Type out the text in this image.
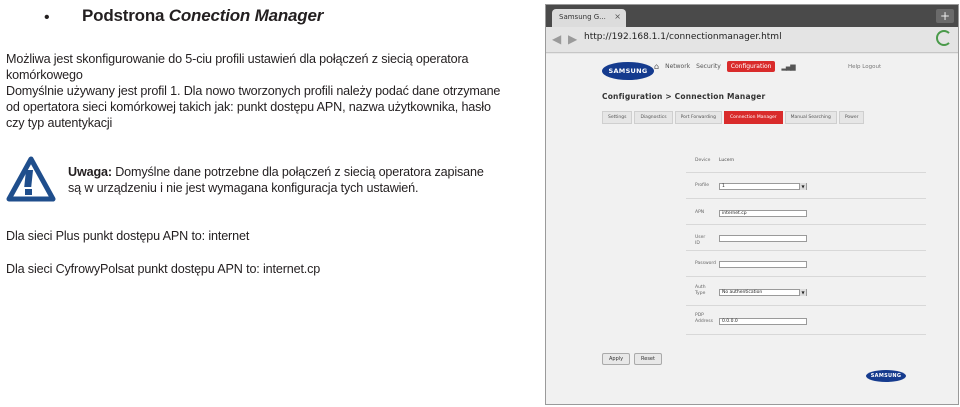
• Podstrona Conection Manager
Możliwa jest skonfigurowanie do 5-ciu profili ustawień dla połączeń z siecią operatora
komórkowego
Domyślnie używany jest profil 1. Dla nowo tworzonych profili należy podać dane otrzymane
od opertatora sieci komórkowej takich jak: punkt dostępu APN, nazwa użytkownika, hasło
czy typ autentykacji
Uwaga: Domyślne dane potrzebne dla połączeń z siecią operatora zapisane
są w urządzeniu i nie jest wymagana konfiguracja tych ustawień.
Dla sieci Plus punkt dostępu APN to: internet
Dla sieci CyfrowyPolsat punkt dostępu APN to: internet.cp
Samsung G... ×	+
◀ ▶ http://192.168.1.1/connectionmanager.html
SAMSUNG ⌂ Network Security	Configuration	▂▄▆	Help Logout
Configuration > Connection Manager
Settings	Diagnostics	Port Forwarding	Connection Manager	Manual Searching	Power
Device Lucern
Profile	1	▼
APN	internet.cp
User ID
Password
Auth
Type	No authentication	▼
PDP
Address	0.0.0.0
Apply	Reset
SAMSUNG
